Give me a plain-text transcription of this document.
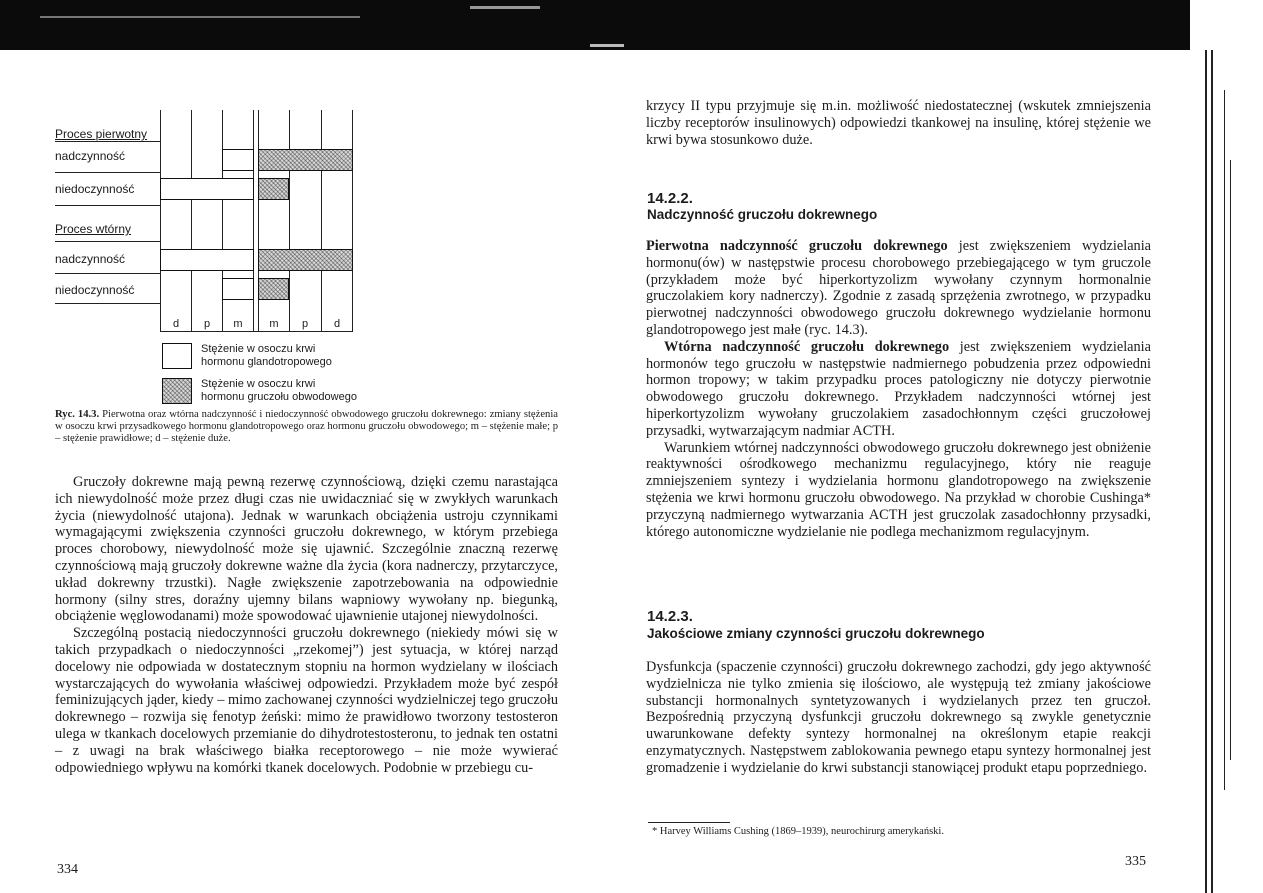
Proces pierwotny
nadczynność
niedoczynność
Proces wtórny
nadczynność
niedoczynność
d	p	m	m	p	d
Stężenie w osoczu krwi
hormonu glandotropowego
Stężenie w osoczu krwi
hormonu gruczołu obwodowego
Ryc. 14.3. Pierwotna oraz wtórna nadczynność i niedoczynność obwodowego gruczołu dokrewnego: zmiany stężenia w osoczu krwi przysadkowego hormonu glandotropowego oraz hormonu gruczołu obwodowego; m – stężenie małe; p – stężenie prawidłowe; d – stężenie duże.

Gruczoły dokrewne mają pewną rezerwę czynnościową, dzięki czemu narastająca ich niewydolność może przez długi czas nie uwidaczniać się w zwykłych warunkach życia (niewydolność utajona). Jednak w warunkach obciążenia ustroju czynnikami wymagającymi zwiększenia czynności gruczołu dokrewnego, w którym przebiega proces chorobowy, niewydolność może się ujawnić. Szczególnie znaczną rezerwę czynnościową mają gruczoły dokrewne ważne dla życia (kora nadnerczy, przytarczyce, układ dokrewny trzustki). Nagłe zwiększenie zapotrzebowania na odpowiednie hormony (silny stres, doraźny ujemny bilans wapniowy wywołany np. biegunką, obciążenie węglowodanami) może spowodować ujawnienie utajonej niewydolności.

Szczególną postacią niedoczynności gruczołu dokrewnego (niekiedy mówi się w takich przypadkach o niedoczynności „rzekomej”) jest sytuacja, w której narząd docelowy nie odpowiada w dostatecznym stopniu na hormon wydzielany w ilościach wystarczających do wywołania właściwej odpowiedzi. Przykładem może być zespół feminizujących jąder, kiedy – mimo zachowanej czynności wydzielniczej tego gruczołu dokrewnego – rozwija się fenotyp żeński: mimo że prawidłowo tworzony testosteron ulega w tkankach docelowych przemianie do dihydrotestosteronu, to jednak ten ostatni – z uwagi na brak właściwego białka receptorowego – nie może wywierać odpowiedniego wpływu na komórki tkanek docelowych. Podobnie w przebiegu cu-

334

krzycy II typu przyjmuje się m.in. możliwość niedostatecznej (wskutek zmniejszenia liczby receptorów insulinowych) odpowiedzi tkankowej na insulinę, której stężenie we krwi bywa stosunkowo duże.

14.2.2.
Nadczynność gruczołu dokrewnego

Pierwotna nadczynność gruczołu dokrewnego jest zwiększeniem wydzielania hormonu(ów) w następstwie procesu chorobowego przebiegającego w tym gruczole (przykładem może być hiperkortyzolizm wywołany czynnym hormonalnie gruczolakiem kory nadnerczy). Zgodnie z zasadą sprzężenia zwrotnego, w przypadku pierwotnej nadczynności obwodowego gruczołu dokrewnego wydzielanie hormonu glandotropowego jest małe (ryc. 14.3).

Wtórna nadczynność gruczołu dokrewnego jest zwiększeniem wydzielania hormonów tego gruczołu w następstwie nadmiernego pobudzenia przez odpowiedni hormon tropowy; w takim przypadku proces patologiczny nie dotyczy pierwotnie obwodowego gruczołu dokrewnego. Przykładem nadczynności wtórnej jest hiperkortyzolizm wywołany gruczolakiem zasadochłonnym części gruczołowej przysadki, wytwarzającym nadmiar ACTH.

Warunkiem wtórnej nadczynności obwodowego gruczołu dokrewnego jest obniżenie reaktywności ośrodkowego mechanizmu regulacyjnego, który nie reaguje zmniejszeniem syntezy i wydzielania hormonu glandotropowego na zwiększenie stężenia we krwi hormonu gruczołu obwodowego. Na przykład w chorobie Cushinga* przyczyną nadmiernego wytwarzania ACTH jest gruczolak zasadochłonny przysadki, którego autonomiczne wydzielanie nie podlega mechanizmom regulacyjnym.

14.2.3.
Jakościowe zmiany czynności gruczołu dokrewnego

Dysfunkcja (spaczenie czynności) gruczołu dokrewnego zachodzi, gdy jego aktywność wydzielnicza nie tylko zmienia się ilościowo, ale występują też zmiany jakościowe substancji hormonalnych syntetyzowanych i wydzielanych przez ten gruczoł. Bezpośrednią przyczyną dysfunkcji gruczołu dokrewnego są zwykle genetycznie uwarunkowane defekty syntezy hormonalnej na określonym etapie reakcji enzymatycznych. Następstwem zablokowania pewnego etapu syntezy hormonalnej jest gromadzenie i wydzielanie do krwi substancji stanowiącej produkt etapu poprzedniego.

335
* Harvey Williams Cushing (1869–1939), neurochirurg amerykański.
